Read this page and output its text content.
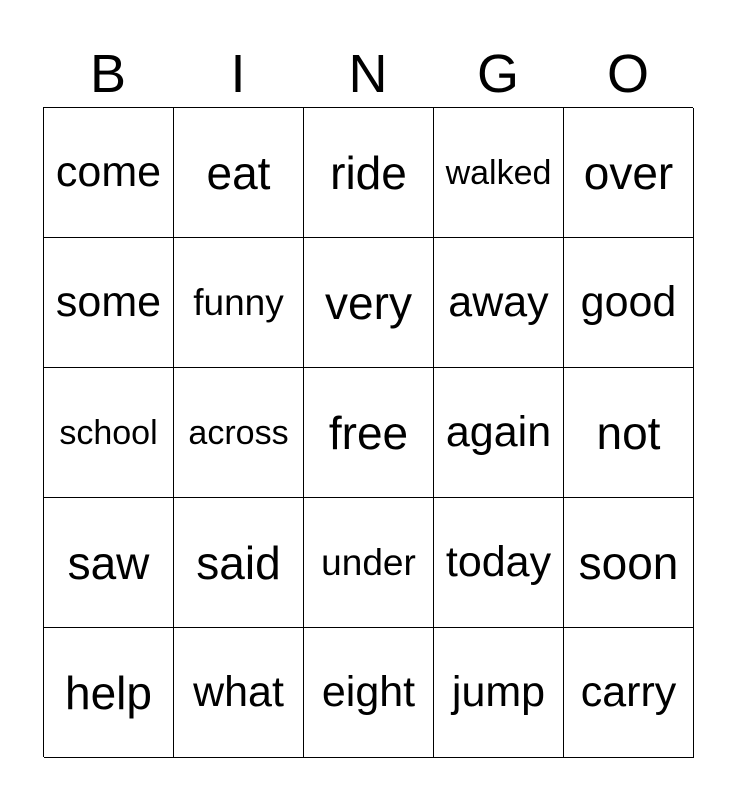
B	I	N	G	O
come eat ride walked over
some funny very away good
school across free again not
saw said under today soon
help what eight jump carry
